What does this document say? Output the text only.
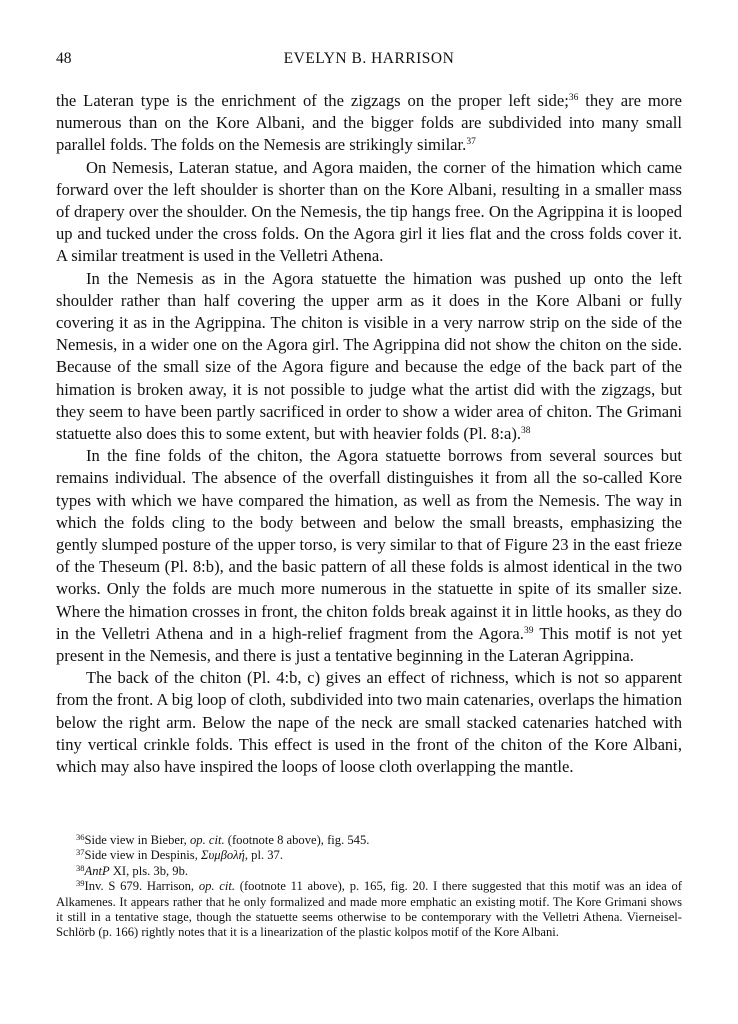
48	EVELYN B. HARRISON

the Lateran type is the enrichment of the zigzags on the proper left side;$^{36}$ they are more numerous than on the Kore Albani, and the bigger folds are subdivided into many small parallel folds. The folds on the Nemesis are strikingly similar.$^{37}$

On Nemesis, Lateran statue, and Agora maiden, the corner of the himation which came forward over the left shoulder is shorter than on the Kore Albani, resulting in a smaller mass of drapery over the shoulder. On the Nemesis, the tip hangs free. On the Agrippina it is looped up and tucked under the cross folds. On the Agora girl it lies flat and the cross folds cover it. A similar treatment is used in the Velletri Athena.

In the Nemesis as in the Agora statuette the himation was pushed up onto the left shoulder rather than half covering the upper arm as it does in the Kore Albani or fully covering it as in the Agrippina. The chiton is visible in a very narrow strip on the side of the Nemesis, in a wider one on the Agora girl. The Agrippina did not show the chiton on the side. Because of the small size of the Agora figure and because the edge of the back part of the himation is broken away, it is not possible to judge what the artist did with the zigzags, but they seem to have been partly sacrificed in order to show a wider area of chiton. The Grimani statuette also does this to some extent, but with heavier folds (Pl. 8:a).$^{38}$

In the fine folds of the chiton, the Agora statuette borrows from several sources but remains individual. The absence of the overfall distinguishes it from all the so-called Kore types with which we have compared the himation, as well as from the Nemesis. The way in which the folds cling to the body between and below the small breasts, emphasizing the gently slumped posture of the upper torso, is very similar to that of Figure 23 in the east frieze of the Theseum (Pl. 8:b), and the basic pattern of all these folds is almost identical in the two works. Only the folds are much more numerous in the statuette in spite of its smaller size. Where the himation crosses in front, the chiton folds break against it in little hooks, as they do in the Velletri Athena and in a high-relief fragment from the Agora.$^{39}$ This motif is not yet present in the Nemesis, and there is just a tentative beginning in the Lateran Agrippina.

The back of the chiton (Pl. 4:b, c) gives an effect of richness, which is not so apparent from the front. A big loop of cloth, subdivided into two main catenaries, overlaps the himation below the right arm. Below the nape of the neck are small stacked catenaries hatched with tiny vertical crinkle folds. This effect is used in the front of the chiton of the Kore Albani, which may also have inspired the loops of loose cloth overlapping the mantle.

$^{36}$Side view in Bieber, op. cit. (footnote 8 above), fig. 545.

$^{37}$Side view in Despinis, Συμβολή, pl. 37.

$^{38}$AntP XI, pls. 3b, 9b.

$^{39}$Inv. S 679. Harrison, op. cit. (footnote 11 above), p. 165, fig. 20. I there suggested that this motif was an idea of Alkamenes. It appears rather that he only formalized and made more emphatic an existing motif. The Kore Grimani shows it still in a tentative stage, though the statuette seems otherwise to be contemporary with the Velletri Athena. Vierneisel-Schlörb (p. 166) rightly notes that it is a linearization of the plastic kolpos motif of the Kore Albani.
